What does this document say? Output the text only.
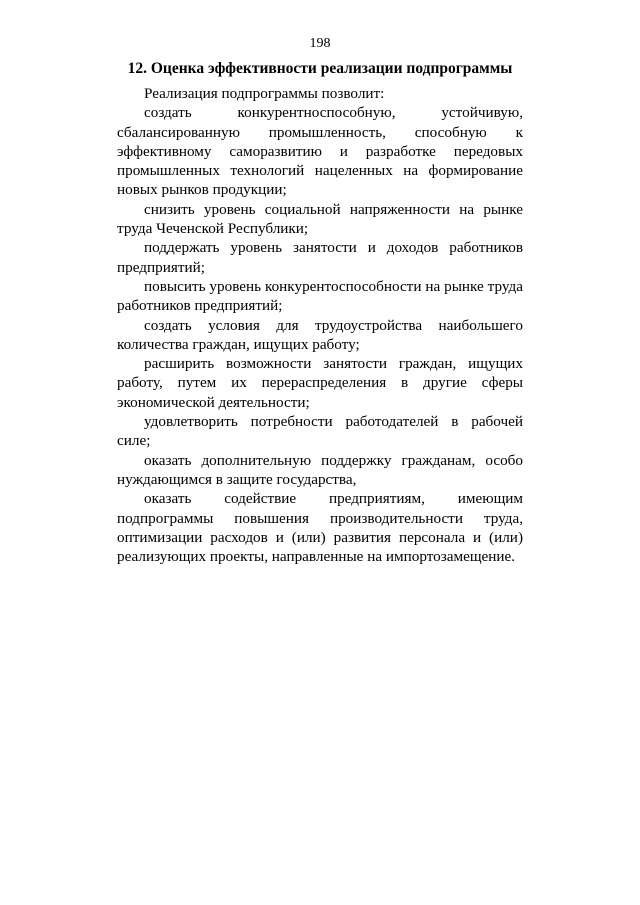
198
12. Оценка эффективности реализации подпрограммы

Реализация подпрограммы позволит:

создать конкурентноспособную, устойчивую, сбалансированную промышленность, способную к эффективному саморазвитию и разработке передовых промышленных технологий нацеленных на формирование новых рынков продукции;

снизить уровень социальной напряженности на рынке труда Чеченской Республики;

поддержать уровень занятости и доходов работников предприятий;

повысить уровень конкурентоспособности на рынке труда работников предприятий;

создать условия для трудоустройства наибольшего количества граждан, ищущих работу;

расширить возможности занятости граждан, ищущих работу, путем их перераспределения в другие сферы экономической деятельности;

удовлетворить потребности работодателей в рабочей силе;

оказать дополнительную поддержку гражданам, особо нуждающимся в защите государства,

оказать содействие предприятиям, имеющим подпрограммы повышения производительности труда, оптимизации расходов и (или) развития персонала и (или) реализующих проекты, направленные на импортозамещение.
